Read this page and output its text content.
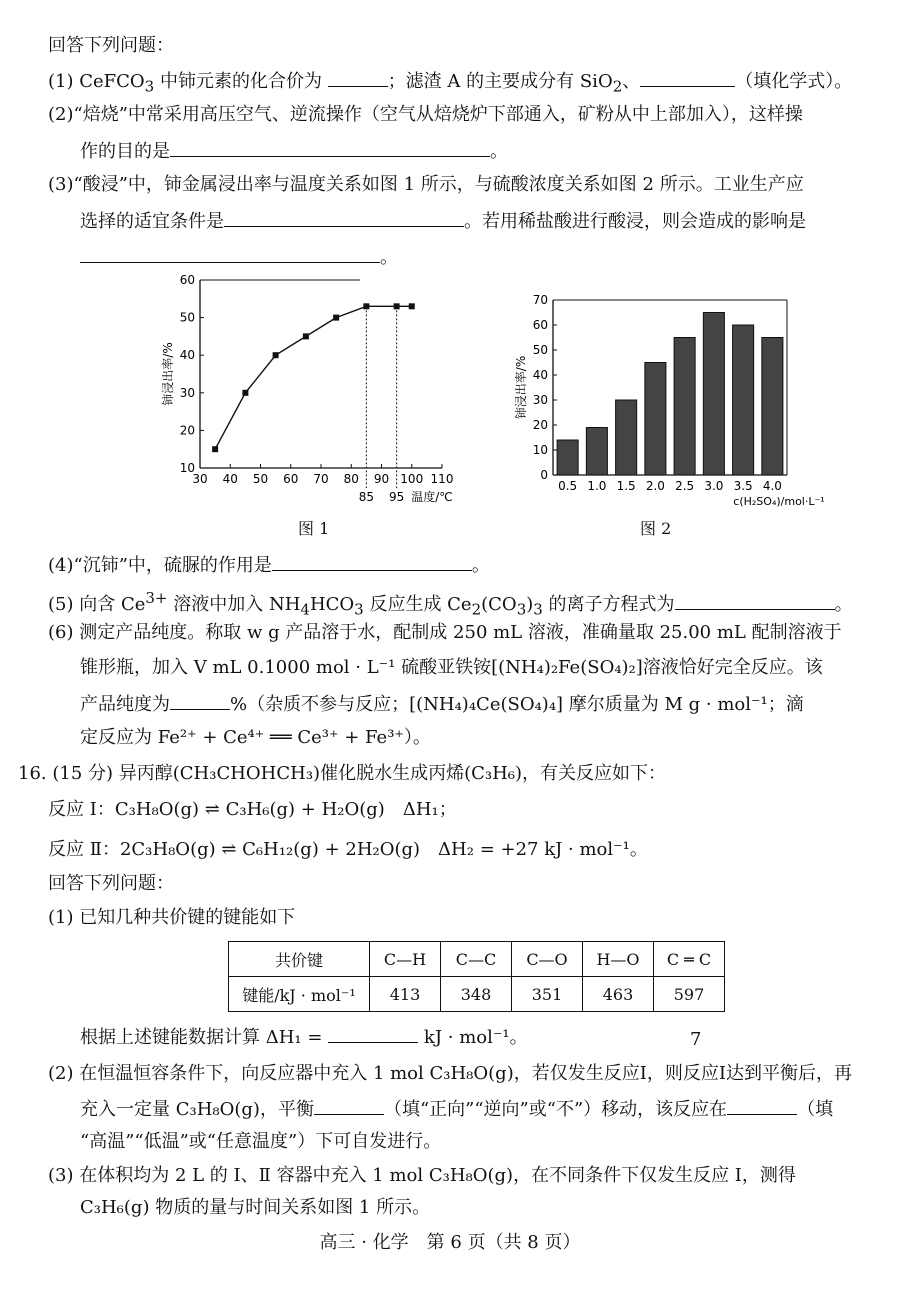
回答下列问题：
(1) CeFCO$_3$ 中铈元素的化合价为	；滤渣 A 的主要成分有 SiO$_2$、	（填化学式）。
(2)“焙烧”中常采用高压空气、逆流操作（空气从焙烧炉下部通入，矿粉从中上部加入），这样操
作的目的是	。
(3)“酸浸”中，铈金属浸出率与温度关系如图 1 所示，与硫酸浓度关系如图 2 所示。工业生产应
选择的适宜条件是	。若用稀盐酸进行酸浸，则会造成的影响是
。
10
20
30
40
50
60
30 40 50 60 70 80 90 100 110
铈浸出率/%
温度/℃
85 95
图 1
0
10
20
30
40
50
60
70
0.5 1.0 1.5 2.0 2.5 3.0 3.5 4.0
铈浸出率/%
c(H₂SO₄)/mol·L⁻¹
图 2
(4)“沉铈”中，硫脲的作用是	。
(5) 向含 $Ce^{3+}$ 溶液中加入 $NH_4HCO_3$ 反应生成 $Ce_2(CO_3)_3$ 的离子方程式为	。
(6) 测定产品纯度。称取 w g 产品溶于水，配制成 250 mL 溶液，准确量取 25.00 mL 配制溶液于
锥形瓶，加入 V mL 0.1000 mol · L⁻¹ 硫酸亚铁铵[(NH₄)₂Fe(SO₄)₂]溶液恰好完全反应。该
产品纯度为	%（杂质不参与反应；[(NH₄)₄Ce(SO₄)₄] 摩尔质量为 M g · mol⁻¹；滴
定反应为 Fe²⁺ + Ce⁴⁺ ══ Ce³⁺ + Fe³⁺）。
16. (15 分) 异丙醇(CH₃CHOHCH₃)催化脱水生成丙烯(C₃H₆)，有关反应如下：
反应 Ⅰ：C₃H₈O(g) ⇌ C₃H₆(g) + H₂O(g)　ΔH₁；
反应 Ⅱ：2C₃H₈O(g) ⇌ C₆H₁₂(g) + 2H₂O(g)　ΔH₂ = +27 kJ · mol⁻¹。
回答下列问题：
(1) 已知几种共价键的键能如下
共价键	C—H	C—C	C—O	H—O	C ═ C
键能/kJ · mol⁻¹	413	348	351	463	597
根据上述键能数据计算 ΔH₁ =	kJ · mol⁻¹。	7
(2) 在恒温恒容条件下，向反应器中充入 1 mol C₃H₈O(g)，若仅发生反应Ⅰ，则反应Ⅰ达到平衡后，再
充入一定量 C₃H₈O(g)，平衡	（填“正向”“逆向”或“不”）移动，该反应在	（填
“高温”“低温”或“任意温度”）下可自发进行。
(3) 在体积均为 2 L 的 Ⅰ、Ⅱ 容器中充入 1 mol C₃H₈O(g)，在不同条件下仅发生反应 Ⅰ，测得
C₃H₆(g) 物质的量与时间关系如图 1 所示。
高三 · 化学　第 6 页（共 8 页）
